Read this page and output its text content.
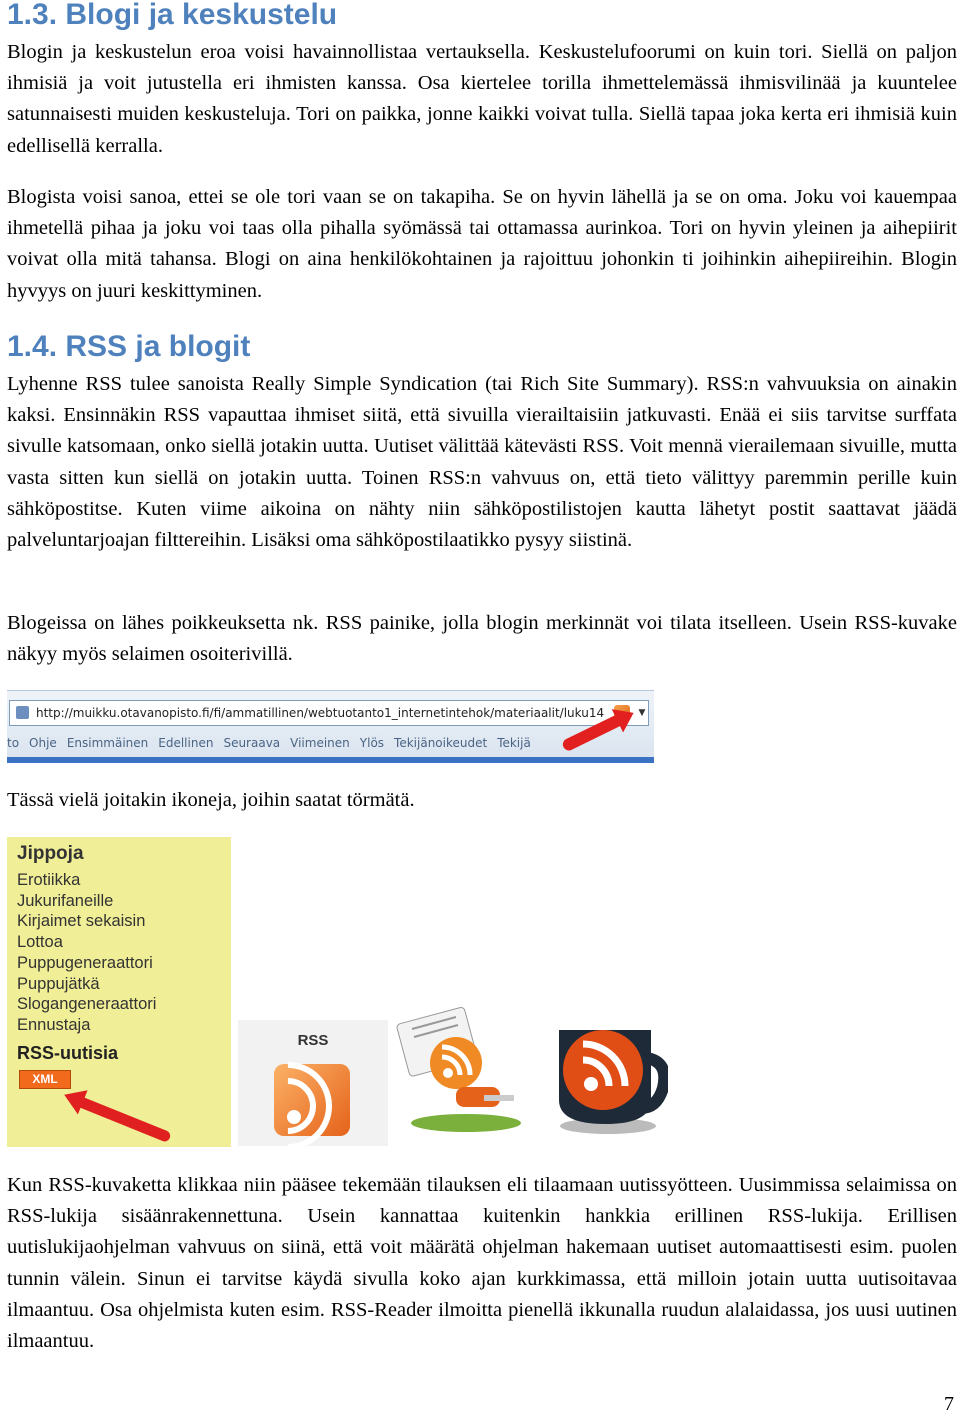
1.3. Blogi ja keskustelu

Blogin ja keskustelun eroa voisi havainnollistaa vertauksella. Keskustelufoorumi on kuin tori. Siellä on paljon ihmisiä ja voit jutustella eri ihmisten kanssa. Osa kiertelee torilla ihmettelemässä ihmisvilinää ja kuuntelee satunnaisesti muiden keskusteluja. Tori on paikka, jonne kaikki voivat tulla. Siellä tapaa joka kerta eri ihmisiä kuin edellisellä kerralla.

Blogista voisi sanoa, ettei se ole tori vaan se on takapiha. Se on hyvin lähellä ja se on oma. Joku voi kauempaa ihmetellä pihaa ja joku voi taas olla pihalla syömässä tai ottamassa aurinkoa. Tori on hyvin yleinen ja aihepiirit voivat olla mitä tahansa. Blogi on aina henkilökohtainen ja rajoittuu johonkin ti joihinkin aihepiireihin. Blogin hyvyys on juuri keskittyminen.

1.4. RSS ja blogit

Lyhenne RSS tulee sanoista Really Simple Syndication (tai Rich Site Summary). RSS:n vahvuuksia on ainakin kaksi. Ensinnäkin RSS vapauttaa ihmiset siitä, että sivuilla vierailtaisiin jatkuvasti. Enää ei siis tarvitse surffata sivulle katsomaan, onko siellä jotakin uutta. Uutiset välittää kätevästi RSS. Voit mennä vierailemaan sivuille, mutta vasta sitten kun siellä on jotakin uutta. Toinen RSS:n vahvuus on, että tieto välittyy paremmin perille kuin sähköpostitse. Kuten viime aikoina on nähty niin sähköpostilistojen kautta lähetyt postit saattavat jäädä palveluntarjoajan filttereihin. Lisäksi oma sähköpostilaatikko pysyy siistinä.

Blogeissa on lähes poikkeuksetta nk. RSS painike, jolla blogin merkinnät voi tilata itselleen. Usein RSS-kuvake näkyy myös selaimen osoiterivillä.

http://muikku.otavanopisto.fi/fi/ammatillinen/webtuotanto1_internetintehok/materiaalit/luku14	▼
to Ohje Ensimmäinen Edellinen Seuraava Viimeinen Ylös Tekijänoikeudet Tekijä

Tässä vielä joitakin ikoneja, joihin saatat törmätä.

Jippoja
Erotiikka
Jukurifaneille
Kirjaimet sekaisin
Lottoa
Puppugeneraattori
Puppujätkä
Slogangeneraattori
Ennustaja
RSS-uutisia
XML
RSS

Kun RSS-kuvaketta klikkaa niin pääsee tekemään tilauksen eli tilaamaan uutissyötteen. Uusimmissa selaimissa on RSS-lukija sisäänrakennettuna. Usein kannattaa kuitenkin hankkia erillinen RSS-lukija. Erillisen uutislukijaohjelman vahvuus on siinä, että voit määrätä ohjelman hakemaan uutiset automaattisesti esim. puolen tunnin välein. Sinun ei tarvitse käydä sivulla koko ajan kurkkimassa, että milloin jotain uutta uutisoitavaa ilmaantuu. Osa ohjelmista kuten esim. RSS-Reader ilmoitta pienellä ikkunalla ruudun alalaidassa, jos uusi uutinen ilmaantuu.

7
